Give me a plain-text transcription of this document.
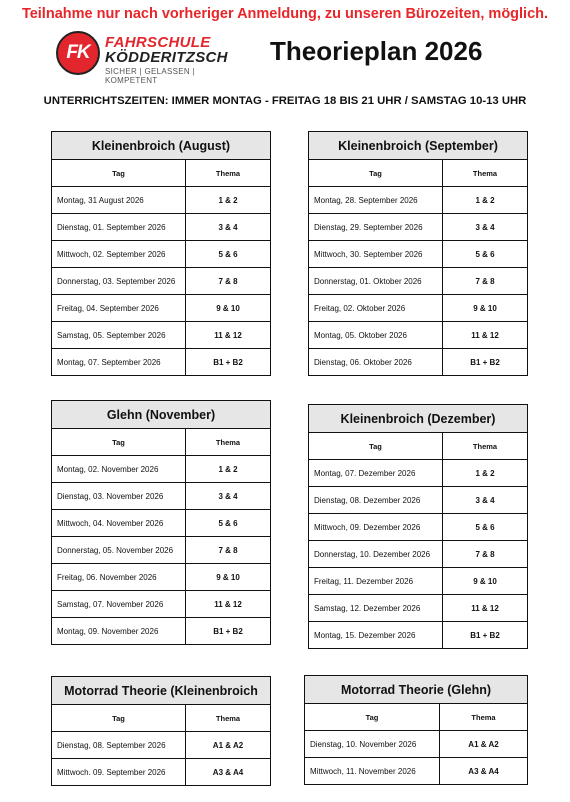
Teilnahme nur nach vorheriger Anmeldung, zu unseren Bürozeiten, möglich.
FK	FAHRSCHULE
KÖDDERITZSCH
SICHER | GELASSEN | KOMPETENT
Theorieplan 2026
UNTERRICHTSZEITEN: IMMER MONTAG - FREITAG 18 BIS 21 UHR / SAMSTAG 10-13 UHR
Kleinenbroich (August)	
Tag	Thema
Montag, 31 August 2026	1 & 2
Dienstag, 01. September 2026	3 & 4
Mittwoch, 02. September 2026	5 & 6
Donnerstag, 03. September 2026	7 & 8
Freitag, 04. September 2026	9 & 10
Samstag, 05. September 2026	11 & 12
Montag, 07. September 2026	B1 + B2
Kleinenbroich (September)	
Tag	Thema
Montag, 28. September 2026	1 & 2
Dienstag, 29. September 2026	3 & 4
Mittwoch, 30. September 2026	5 & 6
Donnerstag, 01. Oktober 2026	7 & 8
Freitag, 02. Oktober 2026	9 & 10
Montag, 05. Oktober 2026	11 & 12
Dienstag, 06. Oktober 2026	B1 + B2
Glehn (November)	
Tag	Thema
Montag, 02. November 2026	1 & 2
Dienstag, 03. November 2026	3 & 4
Mittwoch, 04. November 2026	5 & 6
Donnerstag, 05. November 2026	7 & 8
Freitag, 06. November 2026	9 & 10
Samstag, 07. November 2026	11 & 12
Montag, 09. November 2026	B1 + B2
Kleinenbroich (Dezember)	
Tag	Thema
Montag, 07. Dezember 2026	1 & 2
Dienstag, 08. Dezember 2026	3 & 4
Mittwoch, 09. Dezember 2026	5 & 6
Donnerstag, 10. Dezember 2026	7 & 8
Freitag, 11. Dezember 2026	9 & 10
Samstag, 12. Dezember 2026	11 & 12
Montag, 15. Dezember 2026	B1 + B2
Motorrad Theorie (Kleinenbroich	
Tag	Thema
Dienstag, 08. September 2026	A1 & A2
Mittwoch. 09. September 2026	A3 & A4
Motorrad Theorie (Glehn)	
Tag	Thema
Dienstag, 10. November 2026	A1 & A2
Mittwoch, 11. November 2026	A3 & A4
